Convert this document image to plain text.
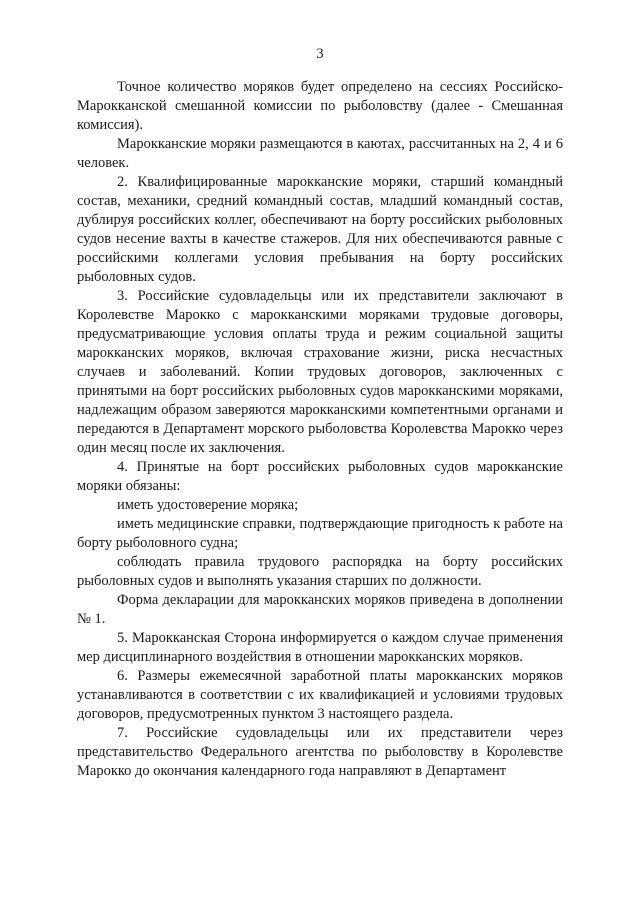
3

Точное количество моряков будет определено на сессиях Российско-Марокканской смешанной комиссии по рыболовству (далее - Смешанная комиссия).

Марокканские моряки размещаются в каютах, рассчитанных на 2, 4 и 6 человек.

2. Квалифицированные марокканские моряки, старший командный состав, механики, средний командный состав, младший командный состав, дублируя российских коллег, обеспечивают на борту российских рыболовных судов несение вахты в качестве стажеров. Для них обеспечиваются равные с российскими коллегами условия пребывания на борту российских рыболовных судов.

3. Российские судовладельцы или их представители заключают в Королевстве Марокко с марокканскими моряками трудовые договоры, предусматривающие условия оплаты труда и режим социальной защиты марокканских моряков, включая страхование жизни, риска несчастных случаев и заболеваний. Копии трудовых договоров, заключенных с принятыми на борт российских рыболовных судов марокканскими моряками, надлежащим образом заверяются марокканскими компетентными органами и передаются в Департамент морского рыболовства Королевства Марокко через один месяц после их заключения.

4. Принятые на борт российских рыболовных судов марокканские моряки обязаны:

иметь удостоверение моряка;

иметь медицинские справки, подтверждающие пригодность к работе на борту рыболовного судна;

соблюдать правила трудового распорядка на борту российских рыболовных судов и выполнять указания старших по должности.

Форма декларации для марокканских моряков приведена в дополнении № 1.

5. Марокканская Сторона информируется о каждом случае применения мер дисциплинарного воздействия в отношении марокканских моряков.

6. Размеры ежемесячной заработной платы марокканских моряков устанавливаются в соответствии с их квалификацией и условиями трудовых договоров, предусмотренных пунктом 3 настоящего раздела.

7. Российские судовладельцы или их представители через представительство Федерального агентства по рыболовству в Королевстве Марокко до окончания календарного года направляют в Департамент
